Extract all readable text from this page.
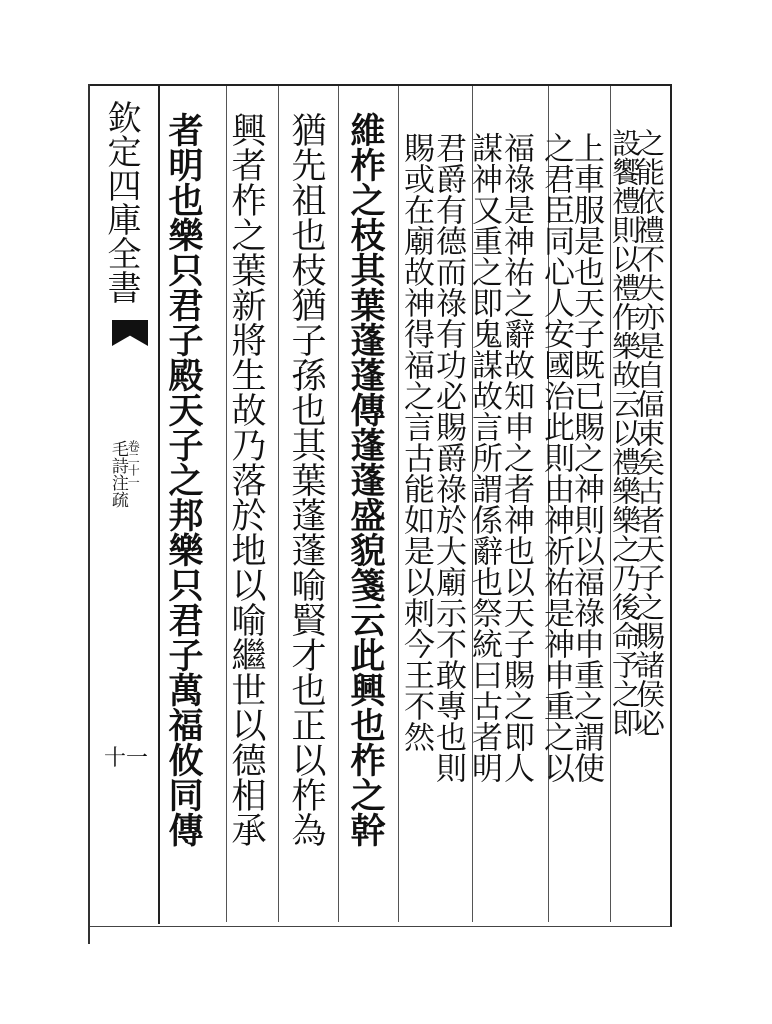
欽定四庫全書
毛詩注疏
卷二十一
十一
之能依禮不失亦是自偪束矣古者天子之賜諸侯必
設饗禮則以禮作樂故云以禮樂樂之乃後命予之即
上車服是也天子既已賜之神則以福祿申重之謂使
之君臣同心人安國治此則由神祈祐是神申重之以
福祿是神祐之辭故知申之者神也以天子賜之即人
謀神又重之即鬼謀故言所謂係辭也祭統曰古者明
君爵有德而祿有功必賜爵祿於大廟示不敢專也則
賜或在廟故神得福之言古能如是以刺今王不然
維柞之枝其葉蓬蓬傳蓬蓬盛貌箋云此興也柞之幹
猶先祖也枝猶子孫也其葉蓬蓬喻賢才也正以柞為
興者柞之葉新將生故乃落於地以喻繼世以德相承
者明也樂只君子殿天子之邦樂只君子萬福攸同傳
